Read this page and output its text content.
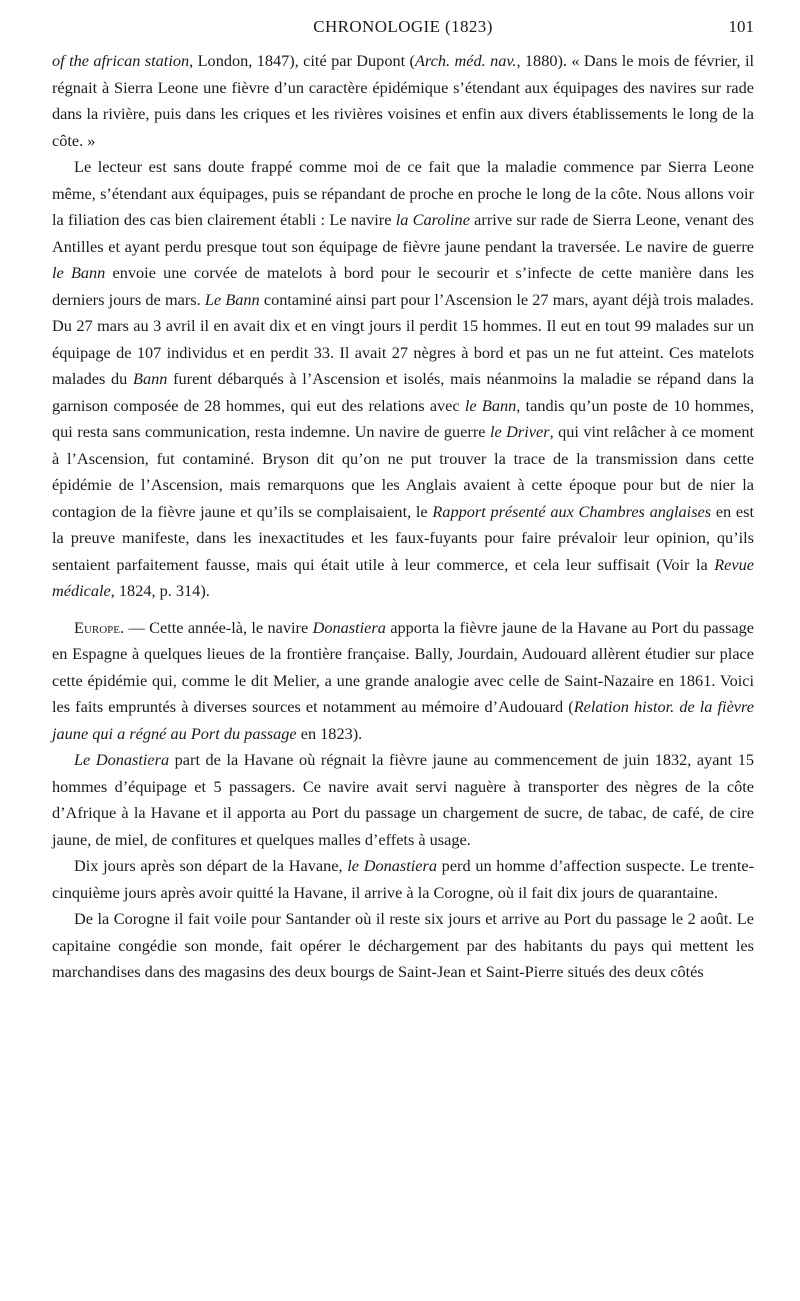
CHRONOLOGIE (1823)	101

of the african station, London, 1847), cité par Dupont (Arch. méd. nav., 1880). « Dans le mois de février, il régnait à Sierra Leone une fièvre d’un caractère épidémique s’étendant aux équipages des navires sur rade dans la rivière, puis dans les criques et les rivières voisines et enfin aux divers établissements le long de la côte. »

Le lecteur est sans doute frappé comme moi de ce fait que la maladie commence par Sierra Leone même, s’étendant aux équipages, puis se répandant de proche en proche le long de la côte. Nous allons voir la filiation des cas bien clairement établi : Le navire la Caroline arrive sur rade de Sierra Leone, venant des Antilles et ayant perdu presque tout son équipage de fièvre jaune pendant la traversée. Le navire de guerre le Bann envoie une corvée de matelots à bord pour le secourir et s’infecte de cette manière dans les derniers jours de mars. Le Bann contaminé ainsi part pour l’Ascension le 27 mars, ayant déjà trois malades. Du 27 mars au 3 avril il en avait dix et en vingt jours il perdit 15 hommes. Il eut en tout 99 malades sur un équipage de 107 individus et en perdit 33. Il avait 27 nègres à bord et pas un ne fut atteint. Ces matelots malades du Bann furent débarqués à l’Ascension et isolés, mais néanmoins la maladie se répand dans la garnison composée de 28 hommes, qui eut des relations avec le Bann, tandis qu’un poste de 10 hommes, qui resta sans communication, resta indemne. Un navire de guerre le Driver, qui vint relâcher à ce moment à l’Ascension, fut contaminé. Bryson dit qu’on ne put trouver la trace de la transmission dans cette épidémie de l’Ascension, mais remarquons que les Anglais avaient à cette époque pour but de nier la contagion de la fièvre jaune et qu’ils se complaisaient, le Rapport présenté aux Chambres anglaises en est la preuve manifeste, dans les inexactitudes et les faux-fuyants pour faire prévaloir leur opinion, qu’ils sentaient parfaitement fausse, mais qui était utile à leur commerce, et cela leur suffisait (Voir la Revue médicale, 1824, p. 314).

Europe. — Cette année-là, le navire Donastiera apporta la fièvre jaune de la Havane au Port du passage en Espagne à quelques lieues de la frontière française. Bally, Jourdain, Audouard allèrent étudier sur place cette épidémie qui, comme le dit Melier, a une grande analogie avec celle de Saint-Nazaire en 1861. Voici les faits empruntés à diverses sources et notamment au mémoire d’Audouard (Relation histor. de la fièvre jaune qui a régné au Port du passage en 1823).

Le Donastiera part de la Havane où régnait la fièvre jaune au commencement de juin 1832, ayant 15 hommes d’équipage et 5 passagers. Ce navire avait servi naguère à transporter des nègres de la côte d’Afrique à la Havane et il apporta au Port du passage un chargement de sucre, de tabac, de café, de cire jaune, de miel, de confitures et quelques malles d’effets à usage.

Dix jours après son départ de la Havane, le Donastiera perd un homme d’affection suspecte. Le trente-cinquième jours après avoir quitté la Havane, il arrive à la Corogne, où il fait dix jours de quarantaine.

De la Corogne il fait voile pour Santander où il reste six jours et arrive au Port du passage le 2 août. Le capitaine congédie son monde, fait opérer le déchargement par des habitants du pays qui mettent les marchandises dans des magasins des deux bourgs de Saint-Jean et Saint-Pierre situés des deux côtés
